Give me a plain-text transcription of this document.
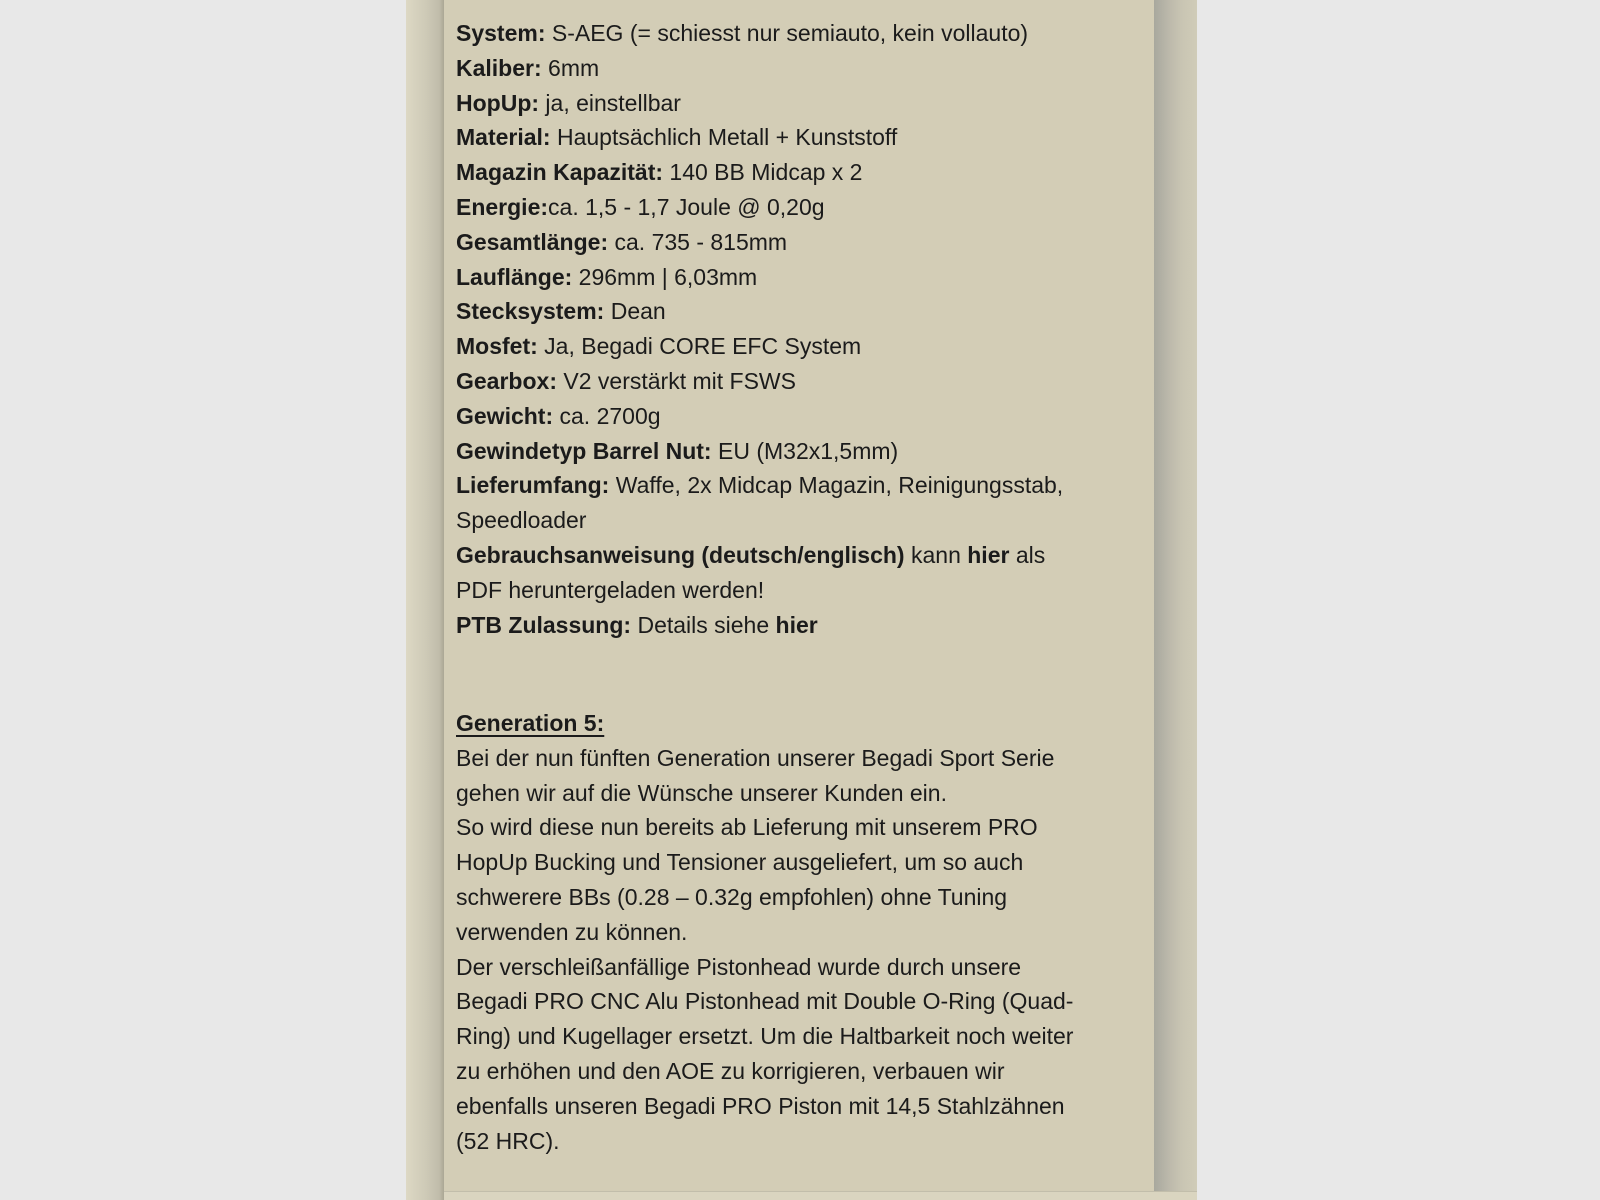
System: S-AEG (= schiesst nur semiauto, kein vollauto)
Kaliber: 6mm
HopUp: ja, einstellbar
Material: Hauptsächlich Metall + Kunststoff
Magazin Kapazität: 140 BB Midcap x 2
Energie:ca. 1,5 - 1,7 Joule @ 0,20g
Gesamtlänge: ca. 735 - 815mm
Lauflänge: 296mm | 6,03mm
Stecksystem: Dean
Mosfet: Ja, Begadi CORE EFC System
Gearbox: V2 verstärkt mit FSWS
Gewicht: ca. 2700g
Gewindetyp Barrel Nut: EU (M32x1,5mm)
Lieferumfang: Waffe, 2x Midcap Magazin, Reinigungsstab,
Speedloader
Gebrauchsanweisung (deutsch/englisch) kann hier als
PDF heruntergeladen werden!
PTB Zulassung: Details siehe hier
Generation 5:
Bei der nun fünften Generation unserer Begadi Sport Serie
gehen wir auf die Wünsche unserer Kunden ein.
So wird diese nun bereits ab Lieferung mit unserem PRO
HopUp Bucking und Tensioner ausgeliefert, um so auch
schwerere BBs (0.28 – 0.32g empfohlen) ohne Tuning
verwenden zu können.
Der verschleißanfällige Pistonhead wurde durch unsere
Begadi PRO CNC Alu Pistonhead mit Double O-Ring (Quad-
Ring) und Kugellager ersetzt. Um die Haltbarkeit noch weiter
zu erhöhen und den AOE zu korrigieren, verbauen wir
ebenfalls unseren Begadi PRO Piston mit 14,5 Stahlzähnen
(52 HRC).
